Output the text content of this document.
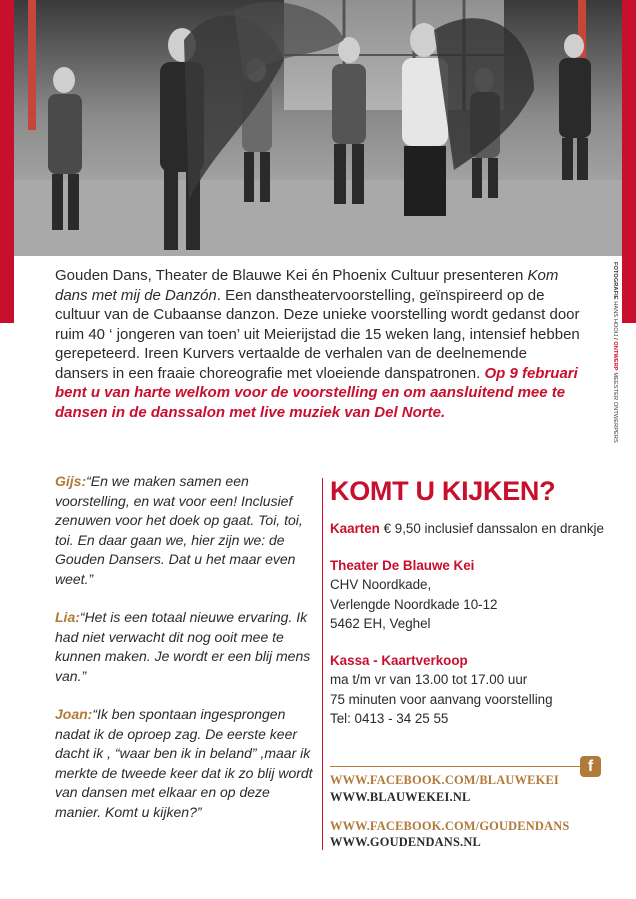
FOTOGRAFIE HANS HOOIJ / ONTWERP MEESTER ONTWERPERS

Gouden Dans, Theater de Blauwe Kei én Phoenix Cultuur presenteren Kom dans met mij de Danzón. Een danstheatervoorstelling, geïnspireerd op de cultuur van de Cubaanse danzon. Deze unieke voorstelling wordt gedanst door ruim 40 ‘ jongeren van toen’ uit Meierijstad die 15 weken lang, intensief hebben gerepeteerd. Ireen Kurvers vertaalde de verhalen van de deelnemende dansers in een fraaie choreografie met vloeiende danspatronen. Op 9 februari bent u van harte welkom voor de voorstelling en om aansluitend mee te dansen in de danssalon met live muziek van Del Norte.

Gijs:“En we maken samen een voorstelling, en wat voor een! Inclusief zenuwen voor het doek op gaat. Toi, toi, toi. En daar gaan we, hier zijn we: de Gouden Dansers. Dat u het maar even weet.”

Lia:“Het is een totaal nieuwe ervaring. Ik had niet verwacht dit nog ooit mee te kunnen maken. Je wordt er een blij mens van.”

Joan:“Ik ben spontaan ingesprongen nadat ik de oproep zag. De eerste keer dacht ik , “waar ben ik in beland” ,maar ik merkte de tweede keer dat ik zo blij wordt van dansen met elkaar en op deze manier. Komt u kijken?”

KOMT U KIJKEN?

Kaarten € 9,50 inclusief danssalon en drankje

Theater De Blauwe Kei
CHV Noordkade,
Verlengde Noordkade 10-12
5462 EH, Veghel

Kassa - Kaartverkoop
ma t/m vr van 13.00 tot 17.00 uur
75 minuten voor aanvang voorstelling
Tel: 0413 - 34 25 55

f
WWW.FACEBOOK.COM/BLAUWEKEI
WWW.BLAUWEKEI.NL
WWW.FACEBOOK.COM/GOUDENDANS
WWW.GOUDENDANS.NL
